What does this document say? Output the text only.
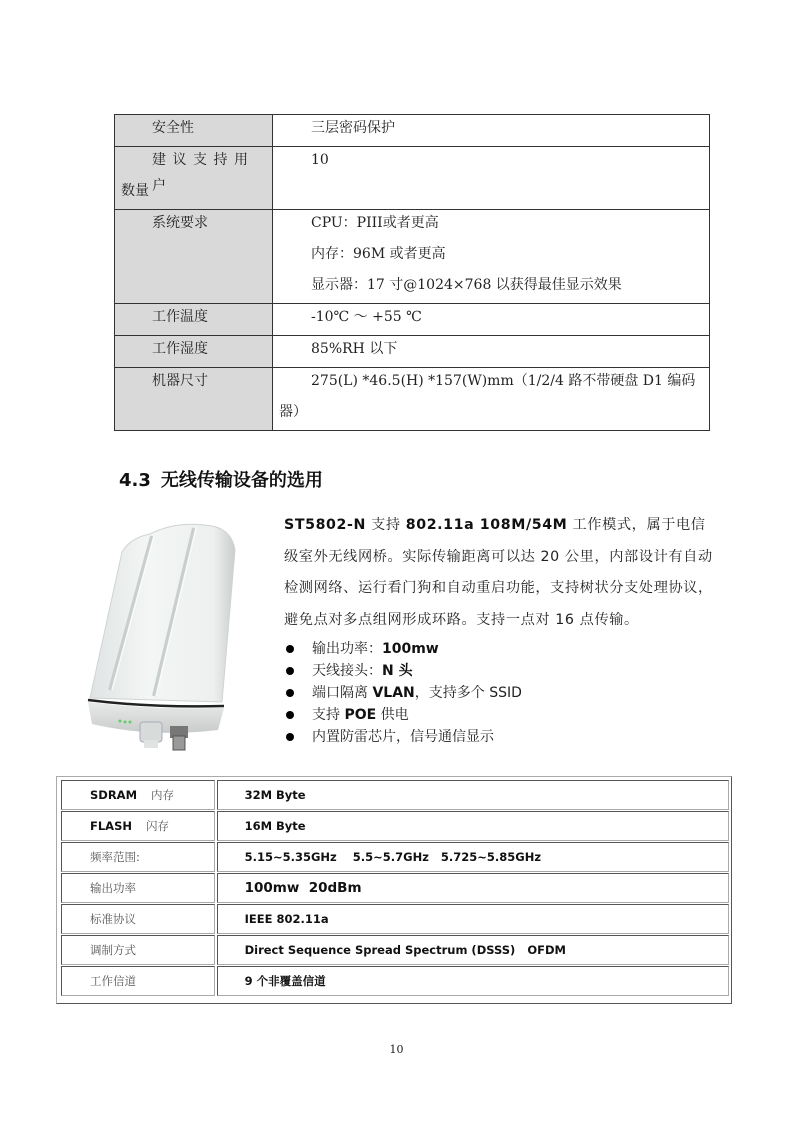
安全性	三层密码保护

建议支持用户
数量	10

系统要求	CPU：PIII或者更高
内存：96M 或者更高
显示器：17 寸@1024×768 以获得最佳显示效果

工作温度	-10℃ ～ +55 ℃

工作湿度	85%RH 以下

机器尺寸	275(L) *46.5(H) *157(W)mm（1/2/4 路不带硬盘 D1 编码
器）
4.3 无线传输设备的选用
ST5802-N 支持 802.11a 108M/54M 工作模式，属于电信级室外无线网桥。实际传输距离可以达 20 公里，内部设计有自动检测网络、运行看门狗和自动重启功能，支持树状分支处理协议，避免点对多点组网形成环路。支持一点对 16 点传输。
输出功率：100mw
天线接头：N 头
端口隔离 VLAN，支持多个 SSID
支持 POE 供电
内置防雷芯片，信号通信显示
SDRAM 内存	32M Byte

FLASH 闪存	16M Byte

频率范围:	5.15~5.35GHz    5.5~5.7GHz   5.725~5.85GHz

输出功率	100mw  20dBm

标准协议	IEEE 802.11a

调制方式	Direct Sequence Spread Spectrum (DSSS)   OFDM

工作信道	9 个非覆盖信道
10
